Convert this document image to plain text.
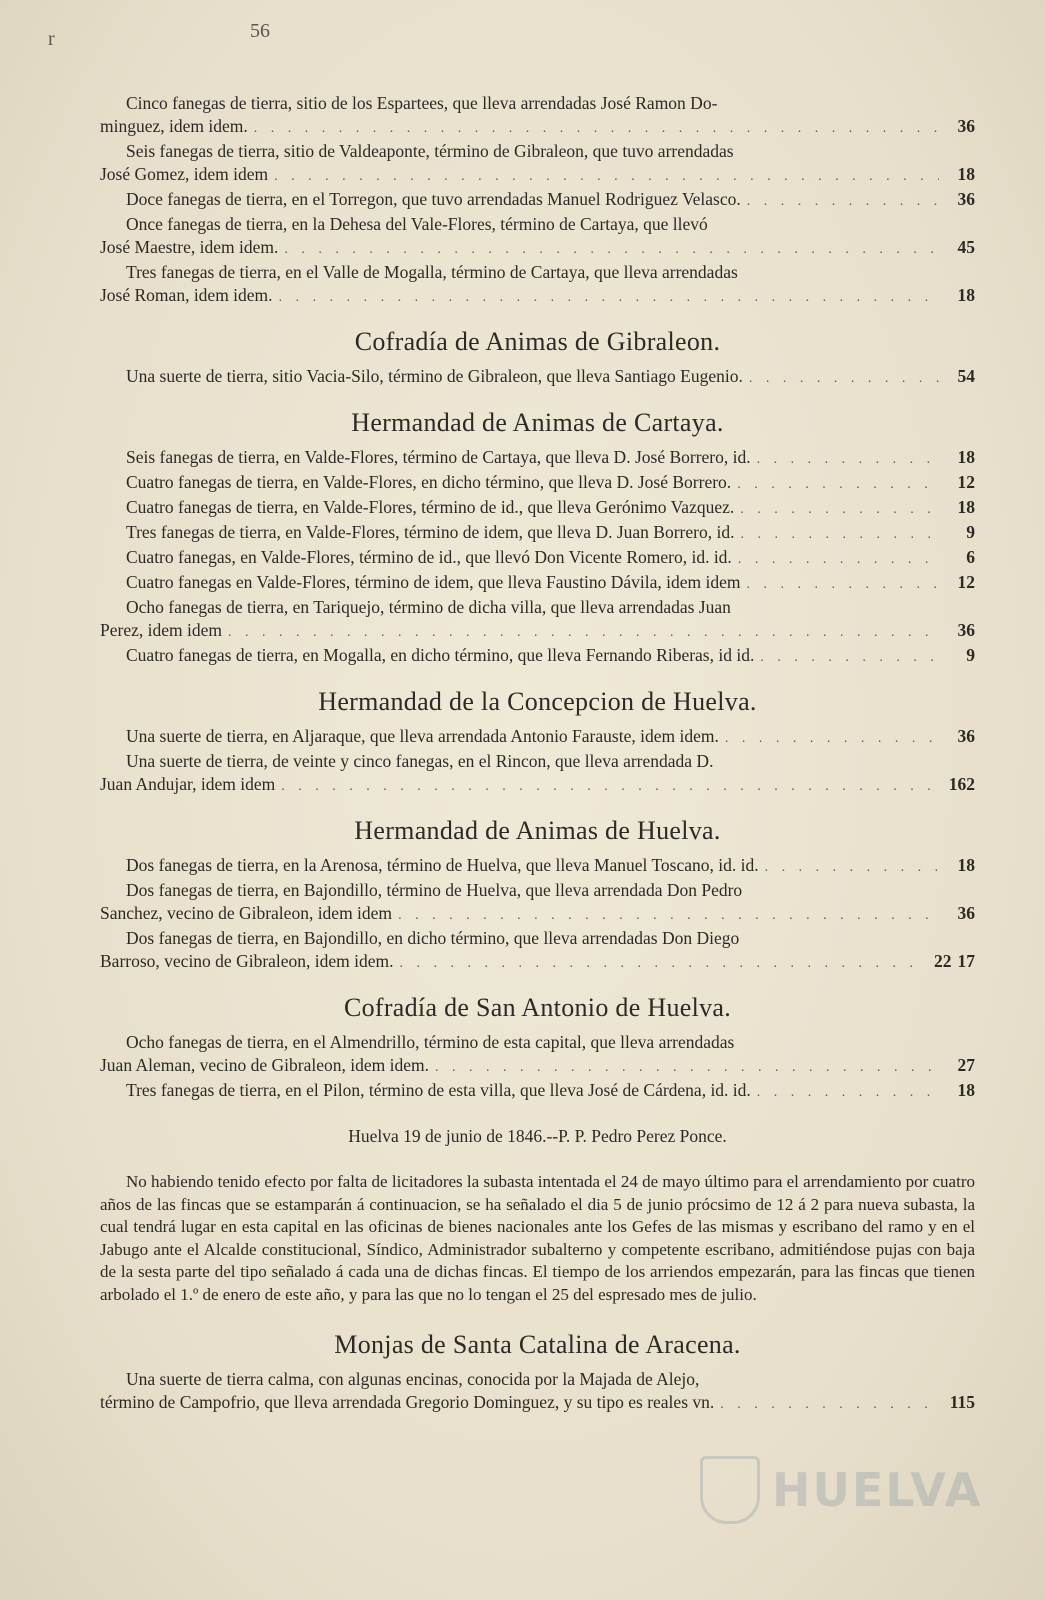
r	56
Cinco fanegas de tierra, sitio de los Espartees, que lleva arrendadas José Ramon Do-
minguez, idem idem. . . .	36
Seis fanegas de tierra, sitio de Valdeaponte, término de Gibraleon, que tuvo arrendadas
José Gomez, idem idem . . .	18
Doce fanegas de tierra, en el Torregon, que tuvo arrendadas Manuel Rodriguez Velasco. . . .	36
Once fanegas de tierra, en la Dehesa del Vale-Flores, término de Cartaya, que llevó
José Maestre, idem idem. . . .	45
Tres fanegas de tierra, en el Valle de Mogalla, término de Cartaya, que lleva arrendadas
José Roman, idem idem. . . .	18
Cofradía de Animas de Gibraleon.
Una suerte de tierra, sitio Vacia-Silo, término de Gibraleon, que lleva Santiago Eugenio. . . .	54
Hermandad de Animas de Cartaya.
Seis fanegas de tierra, en Valde-Flores, término de Cartaya, que lleva D. José Borrero, id. . . .	18
Cuatro fanegas de tierra, en Valde-Flores, en dicho término, que lleva D. José Borrero. . . .	12
Cuatro fanegas de tierra, en Valde-Flores, término de id., que lleva Gerónimo Vazquez. . . .	18
Tres fanegas de tierra, en Valde-Flores, término de idem, que lleva D. Juan Borrero, id. . . .	9
Cuatro fanegas, en Valde-Flores, término de id., que llevó Don Vicente Romero, id. id. . . .	6
Cuatro fanegas en Valde-Flores, término de idem, que lleva Faustino Dávila, idem idem . . .	12
Ocho fanegas de tierra, en Tariquejo, término de dicha villa, que lleva arrendadas Juan
Perez, idem idem . . .	36
Cuatro fanegas de tierra, en Mogalla, en dicho término, que lleva Fernando Riberas, id id. . . .	9
Hermandad de la Concepcion de Huelva.
Una suerte de tierra, en Aljaraque, que lleva arrendada Antonio Farauste, idem idem. . . .	36
Una suerte de tierra, de veinte y cinco fanegas, en el Rincon, que lleva arrendada D.
Juan Andujar, idem idem . . .	162
Hermandad de Animas de Huelva.
Dos fanegas de tierra, en la Arenosa, término de Huelva, que lleva Manuel Toscano, id. id. . . .	18
Dos fanegas de tierra, en Bajondillo, término de Huelva, que lleva arrendada Don Pedro
Sanchez, vecino de Gibraleon, idem idem . . .	36
Dos fanegas de tierra, en Bajondillo, en dicho término, que lleva arrendadas Don Diego
Barroso, vecino de Gibraleon, idem idem. . . .	22 17
Cofradía de San Antonio de Huelva.
Ocho fanegas de tierra, en el Almendrillo, término de esta capital, que lleva arrendadas
Juan Aleman, vecino de Gibraleon, idem idem. . . .	27
Tres fanegas de tierra, en el Pilon, término de esta villa, que lleva José de Cárdena, id. id. . . .	18
Huelva 19 de junio de 1846.--P. P. Pedro Perez Ponce.

No habiendo tenido efecto por falta de licitadores la subasta intentada el 24 de mayo último para el arrendamiento por cuatro años de las fincas que se estamparán á continuacion, se ha señalado el dia 5 de junio prócsimo de 12 á 2 para nueva subasta, la cual tendrá lugar en esta capital en las oficinas de bienes nacionales ante los Gefes de las mismas y escribano del ramo y en el Jabugo ante el Alcalde constitucional, Síndico, Administrador subalterno y competente escribano, admitiéndose pujas con baja de la sesta parte del tipo señalado á cada una de dichas fincas. El tiempo de los arriendos empezarán, para las fincas que tienen arbolado el 1.º de enero de este año, y para las que no lo tengan el 25 del espresado mes de julio.

Monjas de Santa Catalina de Aracena.
Una suerte de tierra calma, con algunas encinas, conocida por la Majada de Alejo,
término de Campofrio, que lleva arrendada Gregorio Dominguez, y su tipo es reales vn. . . .	115
HUELVA
